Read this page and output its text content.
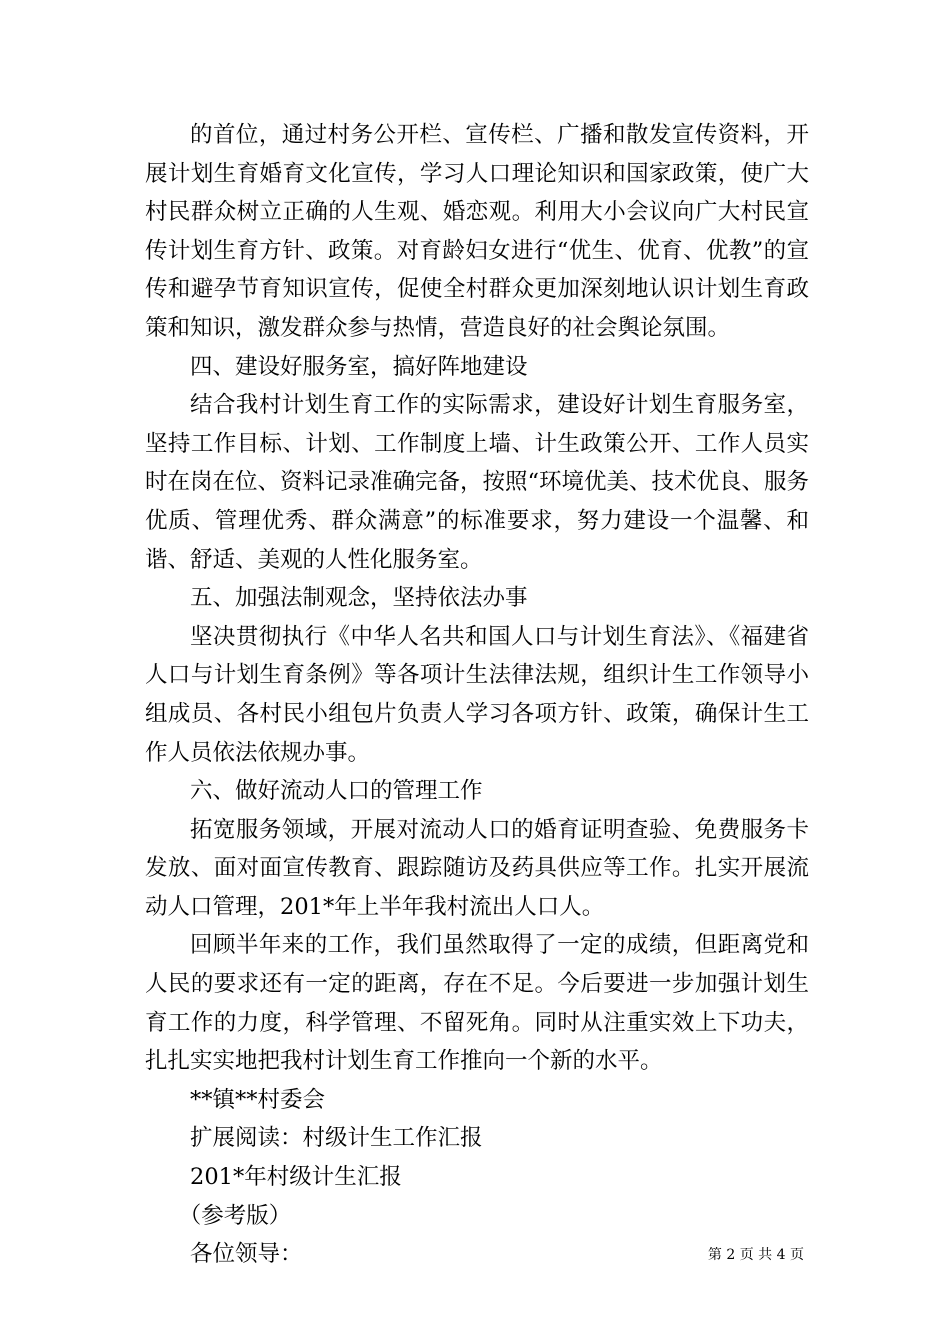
的首位，通过村务公开栏、宣传栏、广播和散发宣传资料，开展计划生育婚育文化宣传，学习人口理论知识和国家政策，使广大村民群众树立正确的人生观、婚恋观。利用大小会议向广大村民宣传计划生育方针、政策。对育龄妇女进行“优生、优育、优教”的宣传和避孕节育知识宣传，促使全村群众更加深刻地认识计划生育政策和知识，激发群众参与热情，营造良好的社会舆论氛围。

四、建设好服务室，搞好阵地建设

结合我村计划生育工作的实际需求，建设好计划生育服务室，坚持工作目标、计划、工作制度上墙、计生政策公开、工作人员实时在岗在位、资料记录准确完备，按照“环境优美、技术优良、服务优质、管理优秀、群众满意”的标准要求，努力建设一个温馨、和谐、舒适、美观的人性化服务室。

五、加强法制观念，坚持依法办事

坚决贯彻执行《中华人名共和国人口与计划生育法》、《福建省人口与计划生育条例》等各项计生法律法规，组织计生工作领导小组成员、各村民小组包片负责人学习各项方针、政策，确保计生工作人员依法依规办事。

六、做好流动人口的管理工作

拓宽服务领域，开展对流动人口的婚育证明查验、免费服务卡发放、面对面宣传教育、跟踪随访及药具供应等工作。扎实开展流动人口管理，201*年上半年我村流出人口人。

回顾半年来的工作，我们虽然取得了一定的成绩，但距离党和人民的要求还有一定的距离，存在不足。今后要进一步加强计划生育工作的力度，科学管理、不留死角。同时从注重实效上下功夫，扎扎实实地把我村计划生育工作推向一个新的水平。

**镇**村委会

扩展阅读：村级计生工作汇报

201*年村级计生汇报

（参考版）

各位领导：	第 2 页 共 4 页
